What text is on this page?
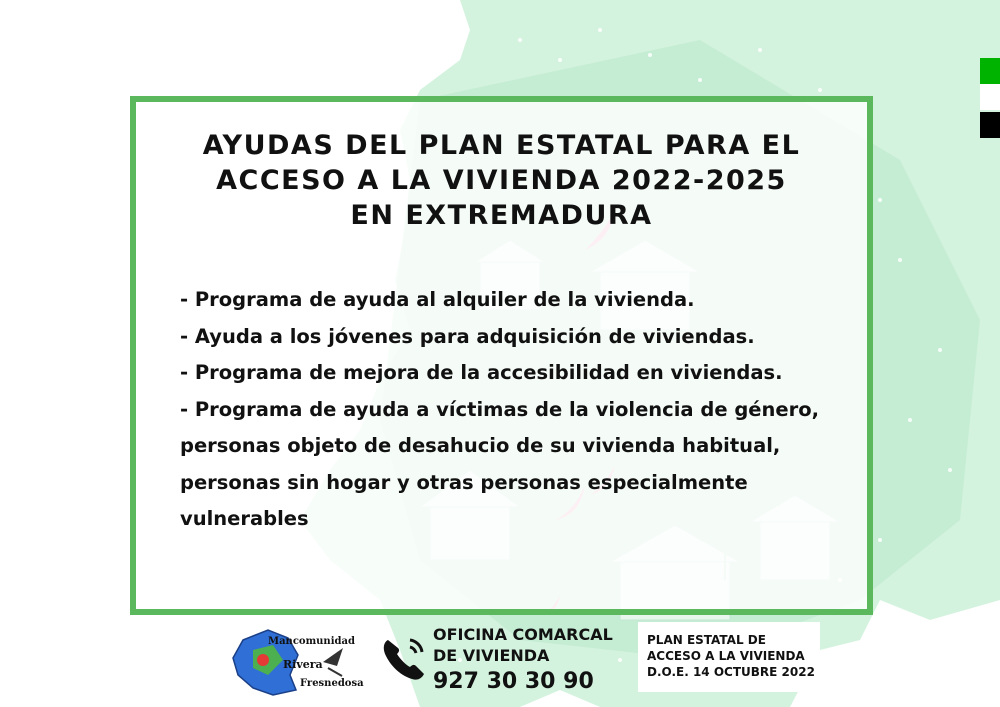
AYUDAS DEL PLAN ESTATAL PARA EL
ACCESO A LA VIVIENDA 2022-2025
EN EXTREMADURA
- Programa de ayuda al alquiler de la vivienda.
- Ayuda a los jóvenes para adquisición de viviendas.
- Programa de mejora de la accesibilidad en viviendas.
- Programa de ayuda a víctimas de la violencia de género,
personas objeto de desahucio de su vivienda habitual,
personas sin hogar y otras personas especialmente
vulnerables
Mancomunidad
Rivera
Fresnedosa
OFICINA COMARCAL
DE VIVIENDA
927 30 30 90
PLAN ESTATAL DE
ACCESO A LA VIVIENDA
D.O.E. 14 OCTUBRE 2022
